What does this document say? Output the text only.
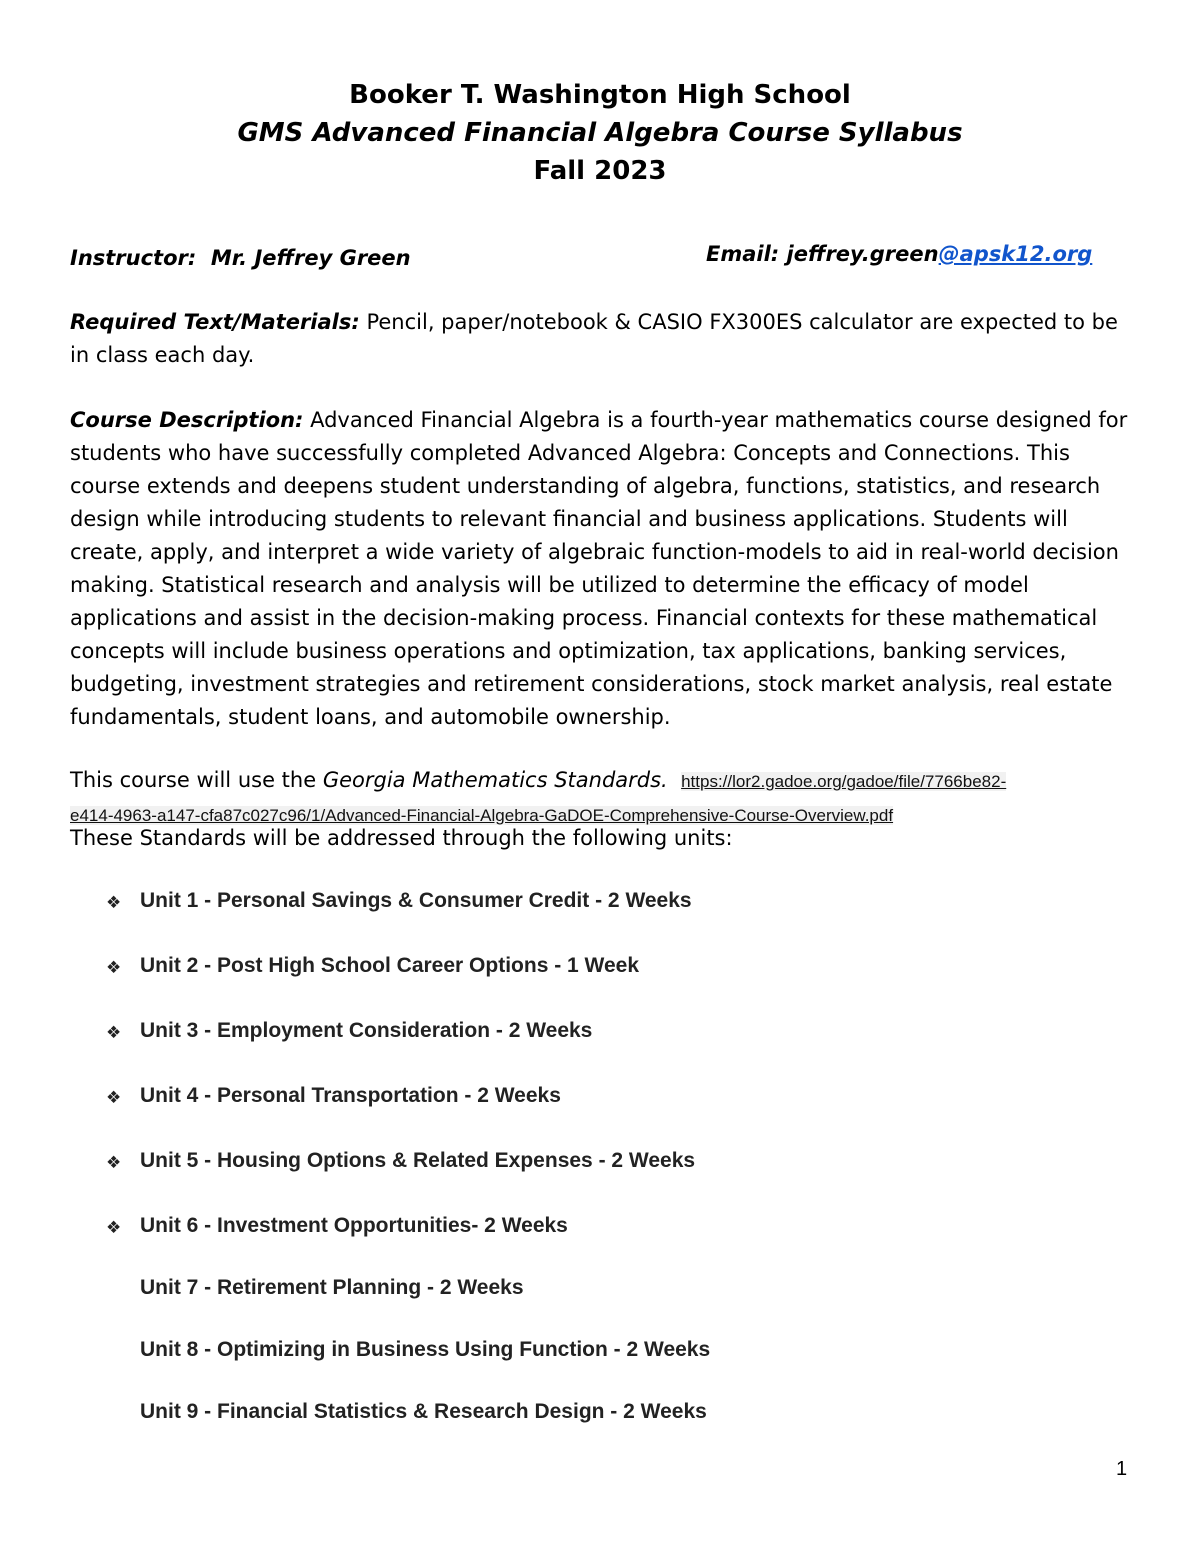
Booker T. Washington High School
GMS Advanced Financial Algebra Course Syllabus
Fall 2023
Instructor: Mr. Jeffrey Green	Email: jeffrey.green@apsk12.org
Required Text/Materials: Pencil, paper/notebook & CASIO FX300ES calculator are expected to be in class each day.
Course Description: Advanced Financial Algebra is a fourth-year mathematics course designed for students who have successfully completed Advanced Algebra: Concepts and Connections. This course extends and deepens student understanding of algebra, functions, statistics, and research design while introducing students to relevant financial and business applications. Students will create, apply, and interpret a wide variety of algebraic function-models to aid in real-world decision making. Statistical research and analysis will be utilized to determine the efficacy of model applications and assist in the decision-making process. Financial contexts for these mathematical concepts will include business operations and optimization, tax applications, banking services, budgeting, investment strategies and retirement considerations, stock market analysis, real estate fundamentals, student loans, and automobile ownership.
This course will use the Georgia Mathematics Standards. https://lor2.gadoe.org/gadoe/file/7766be82-
e414-4963-a147-cfa87c027c96/1/Advanced-Financial-Algebra-GaDOE-Comprehensive-Course-Overview.pdf
These Standards will be addressed through the following units:
❖ Unit 1 - Personal Savings & Consumer Credit - 2 Weeks
❖ Unit 2 - Post High School Career Options - 1 Week
❖ Unit 3 - Employment Consideration - 2 Weeks
❖ Unit 4 - Personal Transportation - 2 Weeks
❖ Unit 5 - Housing Options & Related Expenses - 2 Weeks
❖ Unit 6 - Investment Opportunities- 2 Weeks
Unit 7 - Retirement Planning - 2 Weeks
Unit 8 - Optimizing in Business Using Function - 2 Weeks
Unit 9 - Financial Statistics & Research Design - 2 Weeks
1
